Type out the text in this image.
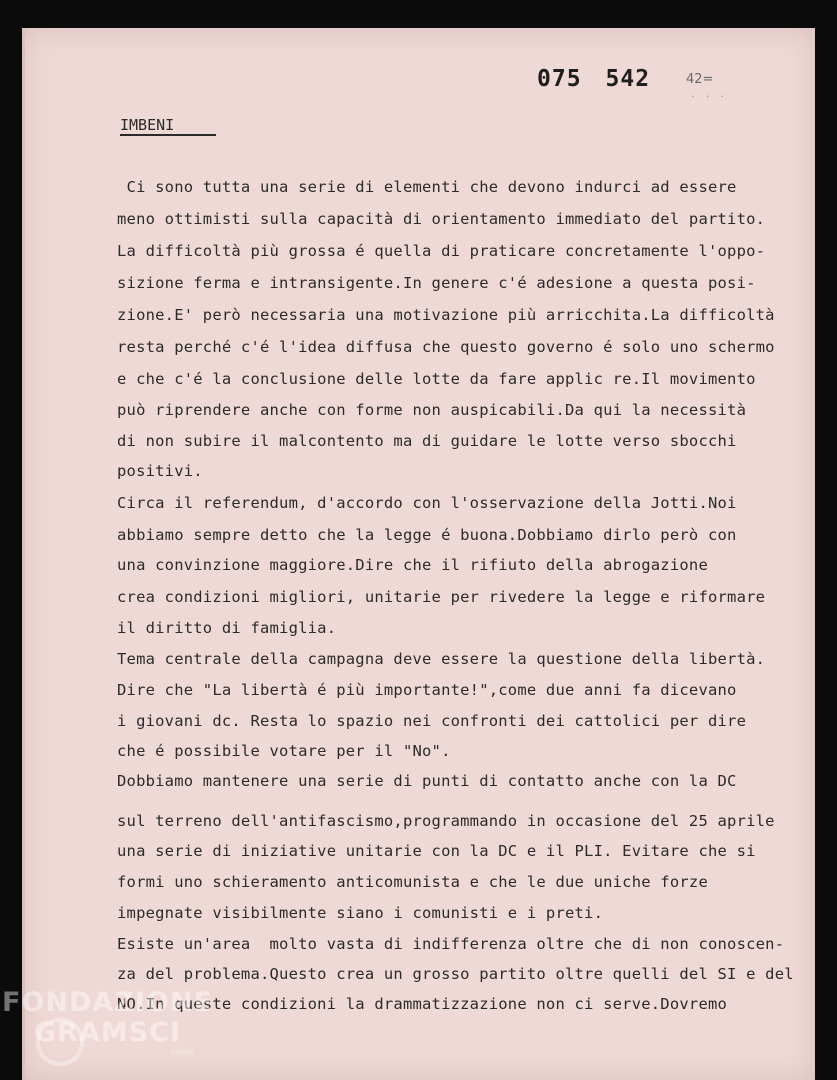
075 542	42=
. . .
IMBENI
Ci sono tutta una serie di elementi che devono indurci ad essere
meno ottimisti sulla capacità di orientamento immediato del partito.
La difficoltà più grossa é quella di praticare concretamente l'oppo-
sizione ferma e intransigente.In genere c'é adesione a questa posi-
zione.E' però necessaria una motivazione più arricchita.La difficoltà
resta perché c'é l'idea diffusa che questo governo é solo uno schermo
e che c'é la conclusione delle lotte da fare applic re.Il movimento
può riprendere anche con forme non auspicabili.Da qui la necessità
di non subire il malcontento ma di guidare le lotte verso sbocchi
positivi.
Circa il referendum, d'accordo con l'osservazione della Jotti.Noi
abbiamo sempre detto che la legge é buona.Dobbiamo dirlo però con
una convinzione maggiore.Dire che il rifiuto della abrogazione
crea condizioni migliori, unitarie per rivedere la legge e riformare
il diritto di famiglia.
Tema centrale della campagna deve essere la questione della libertà.
Dire che "La libertà é più importante!",come due anni fa dicevano
i giovani dc. Resta lo spazio nei confronti dei cattolici per dire
che é possibile votare per il "No".
Dobbiamo mantenere una serie di punti di contatto anche con la DC
sul terreno dell'antifascismo,programmando in occasione del 25 aprile
una serie di iniziative unitarie con la DC e il PLI. Evitare che si
formi uno schieramento anticomunista e che le due uniche forze
impegnate visibilmente siano i comunisti e i preti.
Esiste un'area  molto vasta di indifferenza oltre che di non conoscen-
za del problema.Questo crea un grosso partito oltre quelli del SI e del
NO.In queste condizioni la drammatizzazione non ci serve.Dovremo
FONDAZIONE
GRAMSCI
onlus
